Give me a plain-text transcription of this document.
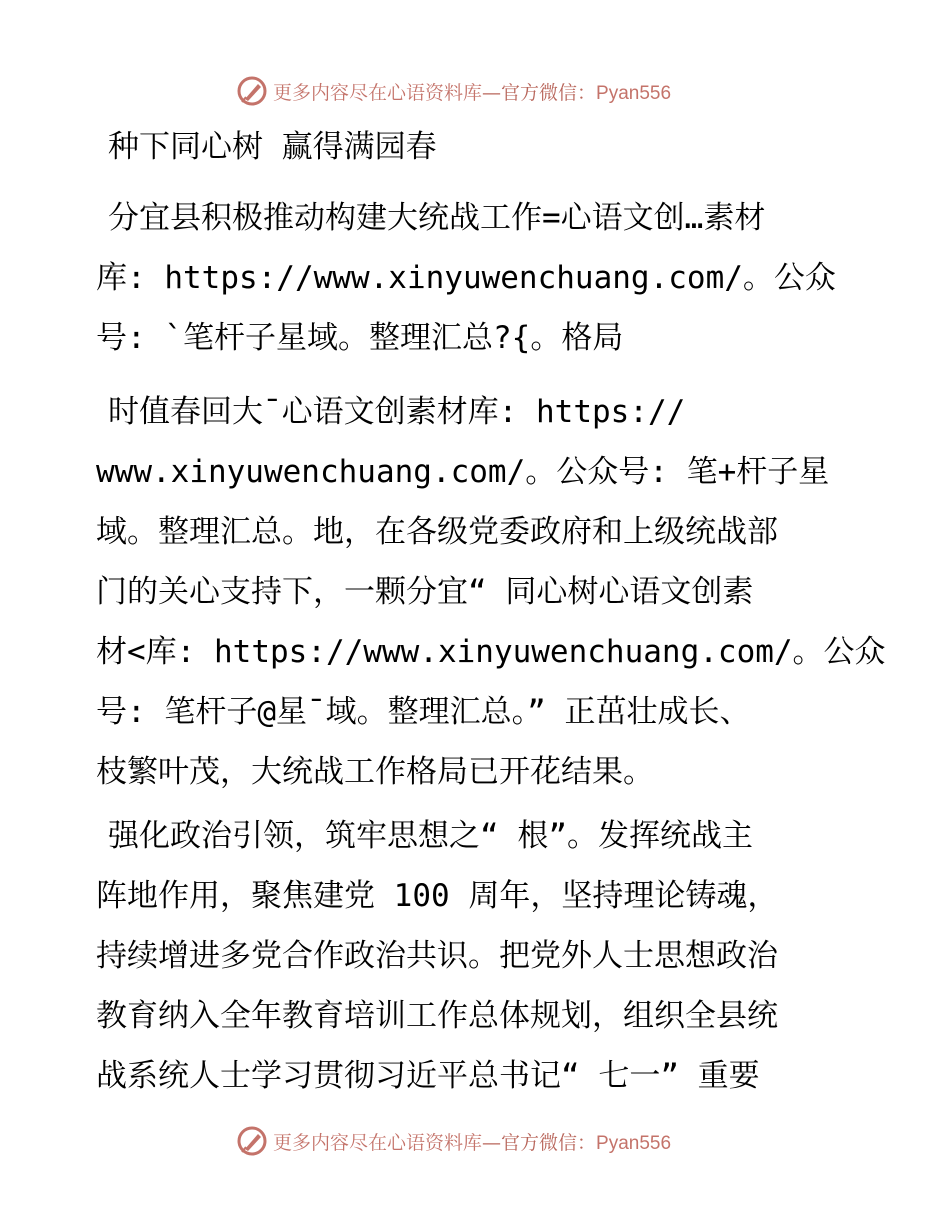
更多内容尽在心语资料库—官方微信：Pyan556
种下同心树 赢得满园春
分宜县积极推动构建大统战工作=心语文创…素材
库: https://www.xinyuwenchuang.com/。公众
号: `笔杆子星域。整理汇总?{。格局
时值春回大¯心语文创素材库: https://
www.xinyuwenchuang.com/。公众号: 笔+杆子星
域。整理汇总。地，在各级党委政府和上级统战部
门的关心支持下，一颗分宜“ 同心树心语文创素
材<库: https://www.xinyuwenchuang.com/。公众
号: 笔杆子@星¯域。整理汇总。” 正茁壮成长、
枝繁叶茂，大统战工作格局已开花结果。
强化政治引领，筑牢思想之“ 根”。发挥统战主
阵地作用，聚焦建党 100 周年，坚持理论铸魂，
持续增进多党合作政治共识。把党外人士思想政治
教育纳入全年教育培训工作总体规划，组织全县统
战系统人士学习贯彻习近平总书记“ 七一” 重要
更多内容尽在心语资料库—官方微信：Pyan556
